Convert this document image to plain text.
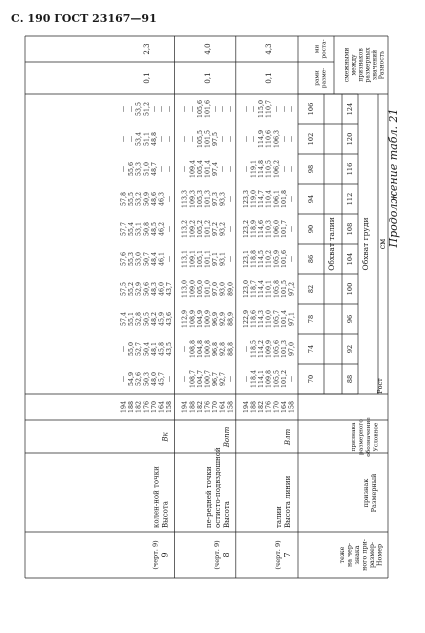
С. 190 ГОСТ 23167—91
Продолжение табл. 21
см
Обхват груди
Обхват талии
Рост
Номер
размер-
ного при-
знака
на чер-
теже
Размерный
признак
Условное
обозначение
размерного
признака
Разность
значений
размерных
признаков
между
смежными
разме-
рами
роста-
ми
88
92
96
100
104
108
112
116
120
124
70
74
78
82
86
90
94
98
102
106
7
(черт. 9)
Высота линии
талии
Bлт
158
—
97,0
97,1
97,2
—
—
—
—
—
—
164
101,2
101,3
101,4
101,5
101,6
101,7
101,8
—
—
—
170
105,5
105,6
105,7
105,8
105,9
106,0
106,1
106,2
106,3
—
176
109,8
109,9
110,0
110,1
110,2
110,3
110,4
110,5
110,6
110,7
182
114,1
114,2
114,3
114,4
114,5
114,6
114,7
114,8
114,9
115,0
188
118,4
118,5
118,6
118,7
118,8
118,9
119,0
119,1
—
—
194
—
—
122,9
123,0
123,1
123,2
123,3
—
—
—
0,1
4,3
8
(черт. 9)
Высота
остисто-подвздошной
пе-редней точки
Bопт
158
—
88,8
88,9
89,0
—
—
—
—
—
—
164
92,7
92,8
92,9
93,0
93,1
93,2
93,3
—
—
—
170
96,7
96,8
96,9
97,0
97,1
97,2
97,3
97,4
97,5
—
176
100,7
100,8
100,9
101,0
101,1
101,2
101,3
101,4
101,5
101,6
182
104,7
104,8
104,9
105,0
105,1
105,2
105,3
105,4
105,5
105,6
188
108,7
108,8
108,9
109,0
109,1
109,2
109,3
109,4
—
—
194
—
—
112,9
113,0
113,1
113,2
113,3
—
—
—
0,1
4,0
9
(черт. 9)
Высота
колен-ной точки
Bк
158
—
43,5
43,6
43,7
—
—
—
—
—
—
164
45,7
45,8
45,9
46,0
46,1
46,2
46,3
—
—
—
170
48,0
48,1
48,2
48,3
48,4
48,5
48,6
48,7
48,8
—
176
50,3
50,4
50,5
50,6
50,7
50,8
50,9
51,0
51,1
51,2
182
52,6
52,7
52,8
52,9
53,0
53,1
53,2
53,3
53,4
53,5
188
54,9
55,0
55,1
55,2
55,3
55,4
55,5
55,6
—
—
194
—
—
57,4
57,5
57,6
57,7
57,8
—
—
—
0,1
2,3
